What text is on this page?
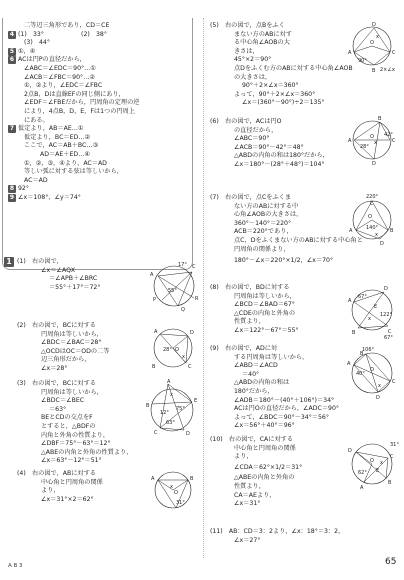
二等辺三角形であり，CD＝CE
4 (1)　33°　　　　　　(2)　38°
(3)　44°
5 ①，④
6 ACは円Pの直径だから，
∠ABC＝∠EDC＝90°…①
∠ACB＝∠FBC＝90°…②
①，②より，∠EDC＝∠FBC
2点B，Dは直線EFの同じ側にあり，
∠EDF＝∠FBEだから，円周角の定理の逆
により，4点B，D，E，Fは1つの円周上
にある。
7 仮定より，AB＝AE…①
仮定より，BC＝ED…②
ここで，AC＝AB＋BC…③
AD＝AE＋ED…④
①，②，③，④より，AC＝AD
等しい弧に対する弦は等しいから，
AC＝AD
8 92°
9 ∠x＝108°，∠y＝74°
1 (1)　 右の図で，
∠x＝∠AQX
＝∠APB＋∠BRC
＝55°＋17°＝72°
A
C
17°
55°
P
Q
R
(2)　 右の図で，BCに対する
円周角は等しいから，
∠BDC＝∠BAC＝28°
△OCDはOC＝ODの二等
辺三角形だから，
∠x＝28°
A	D
28° O
x
C
B
(3)　 右の図で，BCに対する
円周角は等しいから，
∠BDC＝∠BEC
＝63°
BEとCDの交点をF
とすると，△BDFの
内角と外角の性質より，
∠DBF＝75°－63°＝12°
△ABEの内角と外角の性質より，
∠x＝63°－12°＝51°
A
E
B
C	D
75°
12°
63°
x
(4)　 右の図で，ABに対する
中心角と円周角の関係
より，
∠x＝31°×2＝62°
A	B
x
O
31°
(5)　 右の図で，点Bをふく
まない方のABに対す
る中心角∠AOBの大
きさは，
45°×2＝90°
点Dをふくむ方のABに対する中心角∠AOB
の大きさは，
90°＋2×∠x＝360°
よって，90°＋2×∠x＝360°
∠x＝(360°－90°)÷2＝135°
D
A
O
90°
C
B 2×∠x
x
(6)　 右の図で，ACは円O
の直径だから，
∠ABC＝90°
∠ACB＝90°－42°＝48°
△ABDの内角の和は180°だから，
∠x＝180°－(28°＋48°)＝104°
A
B
C
D
O 42°
28°
x
(7)　 右の図で，点Cをふくま
ない方のABに対する中
心角∠AOBの大きさは，
360°－140°＝220°
ACB＝220°であり，
点C，Dをふくまない方のABに対する中心角と
円周角の関係より，
180°－∠x＝220°×1/2，∠x＝70°
220°
C
O
140°
A	B
D
x
(8)　 右の図で，BDに対する
円周角は等しいから，
∠BCD＝∠BAD＝67°
△CDEの内角と外角の
性質より，
∠x＝122°－67°＝55°
A
D
B	C
E
x
122°
67°
67°
(9)　 右の図で，ADに対
する円周角は等しいから，
∠ABD＝∠ACD
＝40°
△ABDの内角の和は
180°だから，
∠ADB＝180°－(40°＋106°)＝34°
ACは円Oの直径だから，∠ADC＝90°
よって，∠BDC＝90°－34°＝56°
∠x＝56°＋40°＝96°
106°
B
A
C
D
O
40°
x
(10)　 右の図で，CAに対する
中心角と円周角の関係
より，
∠CDA＝62°×1/2＝31°
△ABEの内角と外角の
性質より，
CA＝AEより，
∠x＝31°
D
C
O
62°
A
B
E
x
31°
(11)　 AB：CD＝3：2より，∠x：18°＝3：2，
∠x＝27°
A B 3	65
